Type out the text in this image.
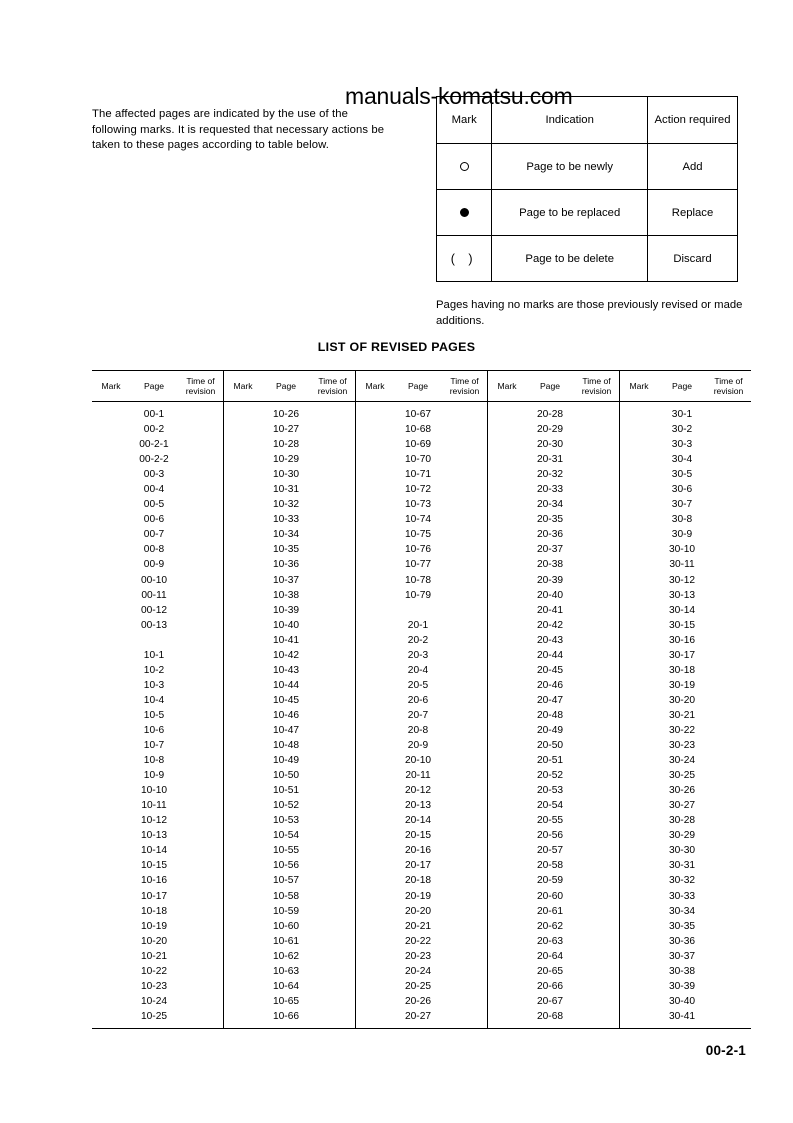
The affected pages are indicated by the use of the following marks. It is requested that necessary actions be taken to these pages according to table below.

manuals-komatsu.com
Mark	Indication	Action required
	Page to be newly	Add
	Page to be replaced	Replace
( )	Page to be delete	Discard

Pages having no marks are those previously revised or made additions.

LIST OF REVISED PAGES
Mark	Page	Time of
revision	Mark	Page	Time of
revision	Mark	Page	Time of
revision	Mark	Page	Time of
revision	Mark	Page	Time of
revision

	00-1			10-26			10-67			20-28			30-1	
	00-2			10-27			10-68			20-29			30-2	
	00-2-1			10-28			10-69			20-30			30-3	
	00-2-2			10-29			10-70			20-31			30-4	
	00-3			10-30			10-71			20-32			30-5	
	00-4			10-31			10-72			20-33			30-6	
	00-5			10-32			10-73			20-34			30-7	
	00-6			10-33			10-74			20-35			30-8	
	00-7			10-34			10-75			20-36			30-9	
	00-8			10-35			10-76			20-37			30-10	
	00-9			10-36			10-77			20-38			30-11	
	00-10			10-37			10-78			20-39			30-12	
	00-11			10-38			10-79			20-40			30-13	
	00-12			10-39						20-41			30-14	
	00-13			10-40			20-1			20-42			30-15	
				10-41			20-2			20-43			30-16	
	10-1			10-42			20-3			20-44			30-17	
	10-2			10-43			20-4			20-45			30-18	
	10-3			10-44			20-5			20-46			30-19	
	10-4			10-45			20-6			20-47			30-20	
	10-5			10-46			20-7			20-48			30-21	
	10-6			10-47			20-8			20-49			30-22	
	10-7			10-48			20-9			20-50			30-23	
	10-8			10-49			20-10			20-51			30-24	
	10-9			10-50			20-11			20-52			30-25	
	10-10			10-51			20-12			20-53			30-26	
	10-11			10-52			20-13			20-54			30-27	
	10-12			10-53			20-14			20-55			30-28	
	10-13			10-54			20-15			20-56			30-29	
	10-14			10-55			20-16			20-57			30-30	
	10-15			10-56			20-17			20-58			30-31	
	10-16			10-57			20-18			20-59			30-32	
	10-17			10-58			20-19			20-60			30-33	
	10-18			10-59			20-20			20-61			30-34	
	10-19			10-60			20-21			20-62			30-35	
	10-20			10-61			20-22			20-63			30-36	
	10-21			10-62			20-23			20-64			30-37	
	10-22			10-63			20-24			20-65			30-38	
	10-23			10-64			20-25			20-66			30-39	
	10-24			10-65			20-26			20-67			30-40	
	10-25			10-66			20-27			20-68			30-41	
00-2-1
